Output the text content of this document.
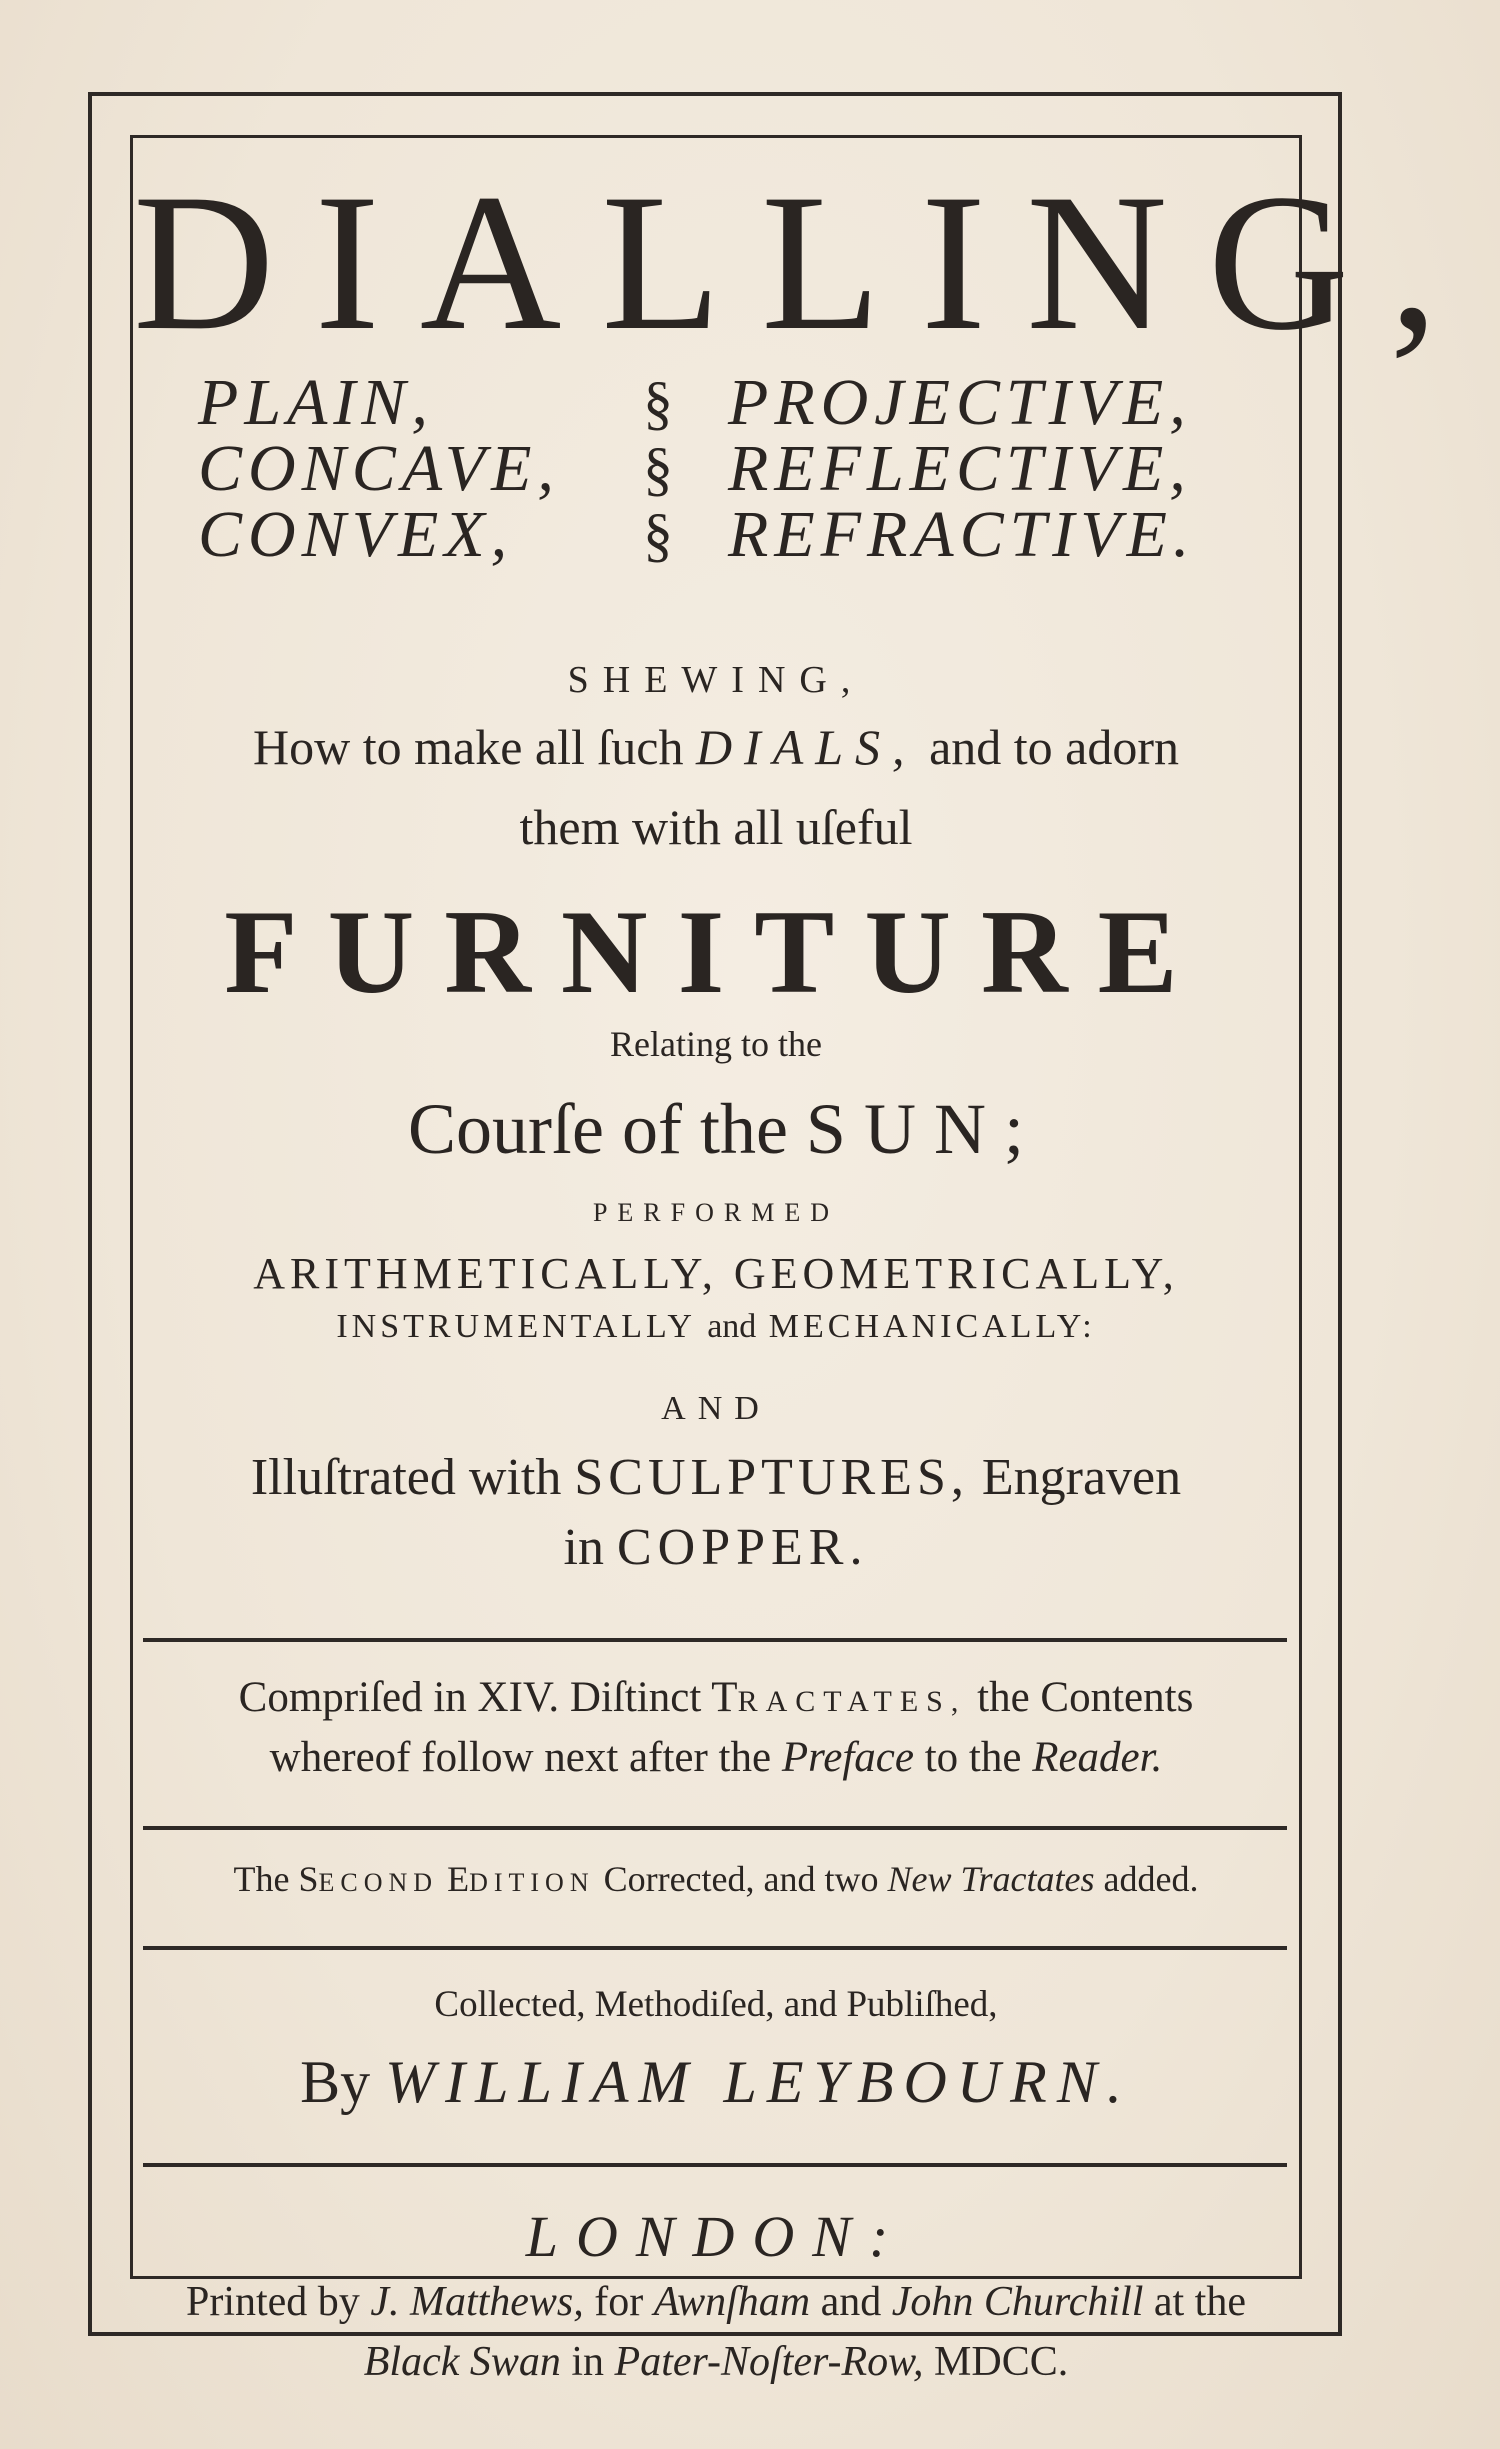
DIALLING,
PLAIN,
CONCAVE,
CONVEX,
§
§
§
PROJECTIVE,
REFLECTIVE,
REFRACTIVE.
SHEWING,
How to make all ſuch DIALS, and to adorn
them with all uſeful
FURNITURE
Relating to the
Courſe of the SUN;
PERFORMED
ARITHMETICALLY, GEOMETRICALLY,
INSTRUMENTALLY and MECHANICALLY:
AND
Illuſtrated with SCULPTURES, Engraven
in COPPER.
Compriſed in XIV. Diſtinct TRACTATES, the Contents
whereof follow next after the Preface to the Reader.
The SECOND EDITION Corrected, and two New Tractates added.
Collected, Methodiſed, and Publiſhed,
By WILLIAM LEYBOURN.
LONDON:
Printed by J. Matthews, for Awnſham and John Churchill at the
Black Swan in Pater-Noſter-Row, MDCC.
